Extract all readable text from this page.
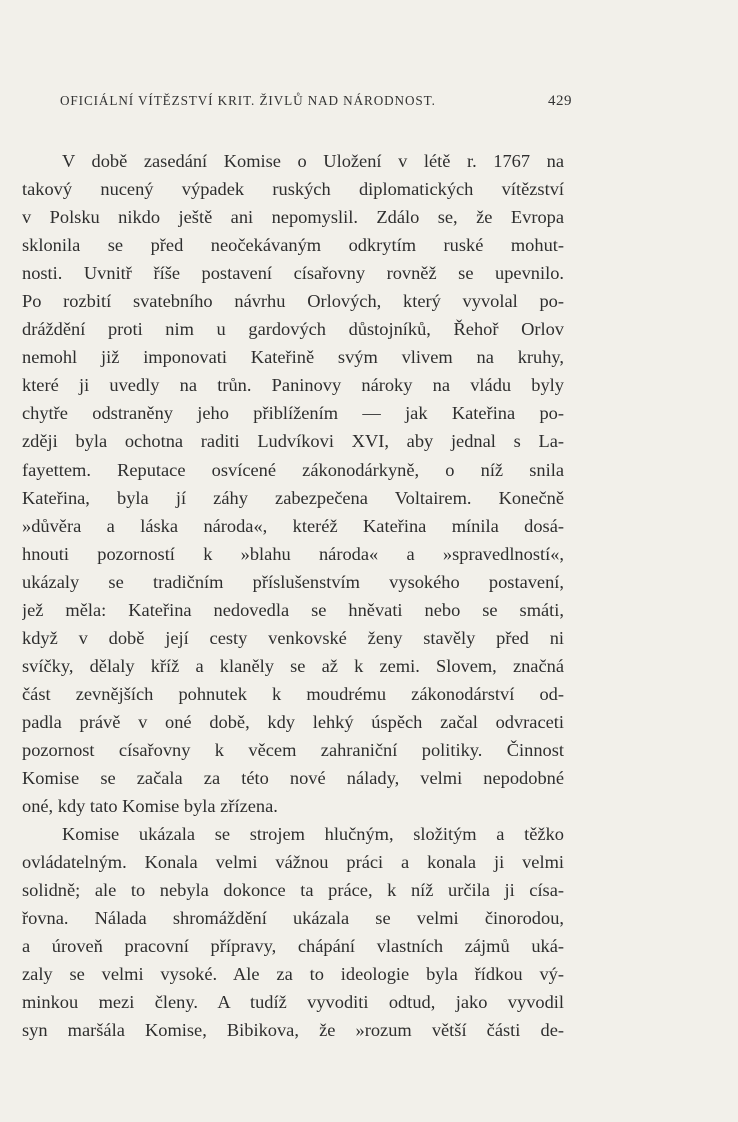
OFICIÁLNÍ VÍTĚZSTVÍ KRIT. ŽIVLŮ NAD NÁRODNOST.	429
V době zasedání Komise o Uložení v létě r. 1767 na
takový nucený výpadek ruských diplomatických vítězství
v Polsku nikdo ještě ani nepomyslil. Zdálo se, že Evropa
sklonila se před neočekávaným odkrytím ruské mohut-
nosti. Uvnitř říše postavení císařovny rovněž se upevnilo.
Po rozbití svatebního návrhu Orlových, který vyvolal po-
dráždění proti nim u gardových důstojníků, Řehoř Orlov
nemohl již imponovati Kateřině svým vlivem na kruhy,
které ji uvedly na trůn. Paninovy nároky na vládu byly
chytře odstraněny jeho přiblížením — jak Kateřina po-
zději byla ochotna raditi Ludvíkovi XVI, aby jednal s La-
fayettem. Reputace osvícené zákonodárkyně, o níž snila
Kateřina, byla jí záhy zabezpečena Voltairem. Konečně
»důvěra a láska národa«, kteréž Kateřina mínila dosá-
hnouti pozorností k »blahu národa« a »spravedlností«,
ukázaly se tradičním příslušenstvím vysokého postavení,
jež měla: Kateřina nedovedla se hněvati nebo se smáti,
když v době její cesty venkovské ženy stavěly před ni
svíčky, dělaly kříž a klaněly se až k zemi. Slovem, značná
část zevnějších pohnutek k moudrému zákonodárství od-
padla právě v oné době, kdy lehký úspěch začal odvraceti
pozornost císařovny k věcem zahraniční politiky. Činnost
Komise se začala za této nové nálady, velmi nepodobné
oné, kdy tato Komise byla zřízena.
Komise ukázala se strojem hlučným, složitým a těžko
ovládatelným. Konala velmi vážnou práci a konala ji velmi
solidně; ale to nebyla dokonce ta práce, k níž určila ji císa-
řovna. Nálada shromáždění ukázala se velmi činorodou,
a úroveň pracovní přípravy, chápání vlastních zájmů uká-
zaly se velmi vysoké. Ale za to ideologie byla řídkou vý-
minkou mezi členy. A tudíž vyvoditi odtud, jako vyvodil
syn maršála Komise, Bibikova, že »rozum větší části de-
